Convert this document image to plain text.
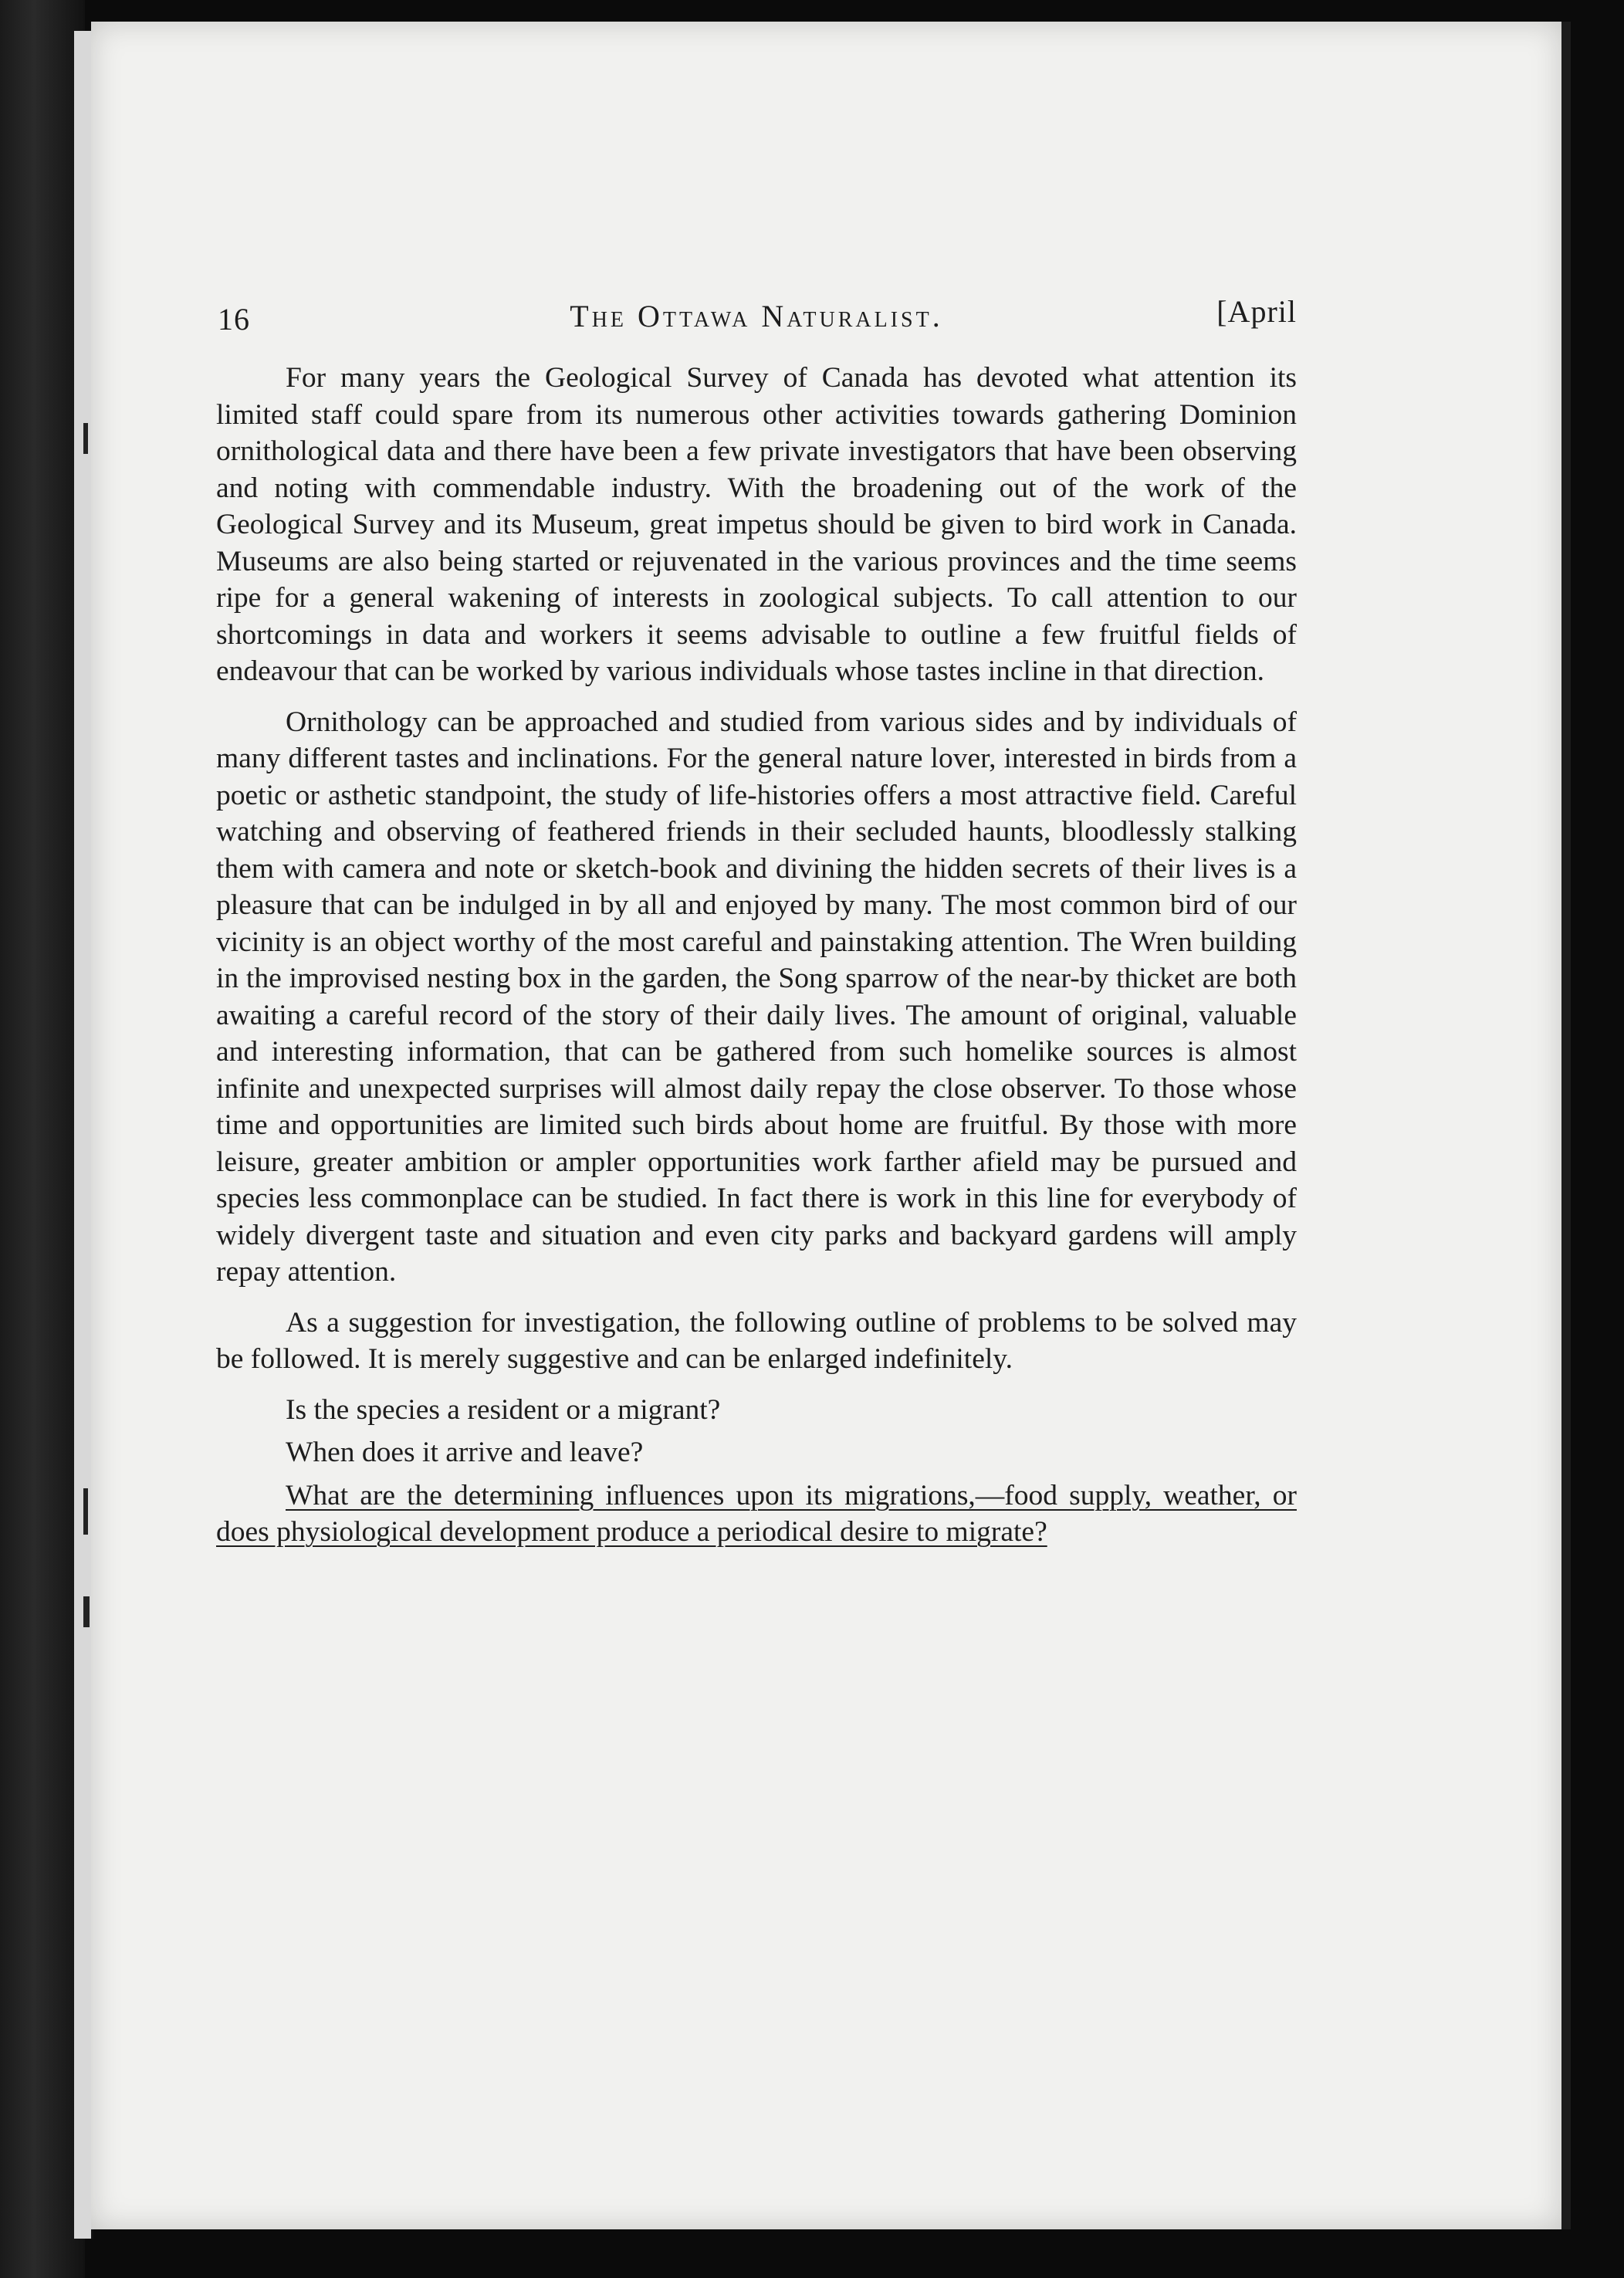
16	The Ottawa Naturalist.	[April

For many years the Geological Survey of Canada has devoted what attention its limited staff could spare from its numerous other activities towards gathering Dominion ornithological data and there have been a few private investigators that have been observing and noting with commendable industry. With the broadening out of the work of the Geological Survey and its Museum, great impetus should be given to bird work in Canada. Museums are also being started or rejuvenated in the various provinces and the time seems ripe for a general wakening of interests in zoological subjects. To call attention to our shortcomings in data and workers it seems advisable to outline a few fruitful fields of endeavour that can be worked by various individuals whose tastes incline in that direction.

Ornithology can be approached and studied from various sides and by individuals of many different tastes and inclinations. For the general nature lover, interested in birds from a poetic or asthetic standpoint, the study of life-histories offers a most attractive field. Careful watching and observing of feathered friends in their secluded haunts, bloodlessly stalking them with camera and note or sketch-book and divining the hidden secrets of their lives is a pleasure that can be indulged in by all and enjoyed by many. The most common bird of our vicinity is an object worthy of the most careful and painstaking attention. The Wren building in the improvised nesting box in the garden, the Song sparrow of the near-by thicket are both awaiting a careful record of the story of their daily lives. The amount of original, valuable and interesting information, that can be gathered from such homelike sources is almost infinite and unexpected surprises will almost daily repay the close observer. To those whose time and opportunities are limited such birds about home are fruitful. By those with more leisure, greater ambition or ampler opportunities work farther afield may be pursued and species less commonplace can be studied. In fact there is work in this line for everybody of widely divergent taste and situation and even city parks and backyard gardens will amply repay attention.

As a suggestion for investigation, the following outline of problems to be solved may be followed. It is merely suggestive and can be enlarged indefinitely.

Is the species a resident or a migrant?

When does it arrive and leave?

What are the determining influences upon its migrations,—food supply, weather, or does physiological development produce a periodical desire to migrate?
